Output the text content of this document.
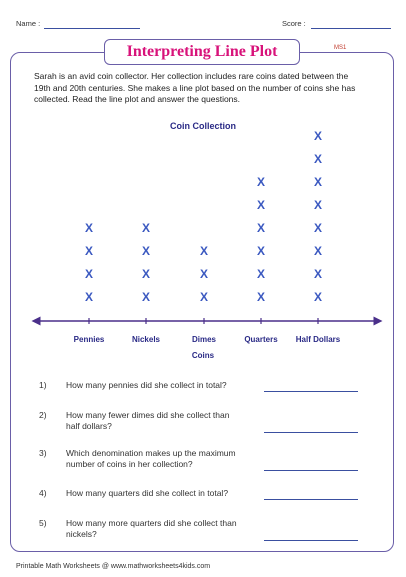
Name :	Score :
Interpreting Line Plot	MS1
Sarah is an avid coin collector. Her collection includes rare coins dated between the
19th and 20th centuries. She makes a line plot based on the number of coins she has
collected. Read the line plot and answer the questions.
Coin Collection
X
X
X
X
X
X
X
X
X
X
X
X
X
X
X
X
X
X
X
X
X
X
X
X
X
Pennies	Nickels	Dimes	Quarters Half Dollars
Coins
1) How many pennies did she collect in total?
2) How many fewer dimes did she collect than
half dollars?
3) Which denomination makes up the maximum
number of coins in her collection?
4) How many quarters did she collect in total?
5) How many more quarters did she collect than
nickels?
Printable Math Worksheets @ www.mathworksheets4kids.com
